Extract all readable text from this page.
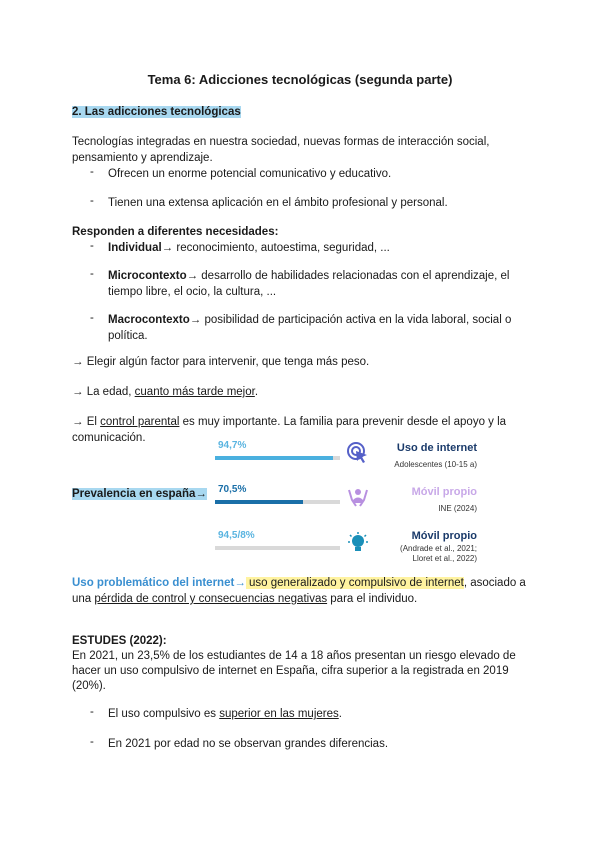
Tema 6: Adicciones tecnológicas (segunda parte)
2. Las adicciones tecnológicas
Tecnologías integradas en nuestra sociedad, nuevas formas de interacción social,
pensamiento y aprendizaje.
- Ofrecen un enorme potencial comunicativo y educativo.
- Tienen una extensa aplicación en el ámbito profesional y personal.
Responden a diferentes necesidades:
- Individual→ reconocimiento, autoestima, seguridad, ...
- Microcontexto→ desarrollo de habilidades relacionadas con el aprendizaje, el
tiempo libre, el ocio, la cultura, ...
- Macrocontexto→ posibilidad de participación activa en la vida laboral, social o
política.
→ Elegir algún factor para intervenir, que tenga más peso.
→ La edad, cuanto más tarde mejor.
→ El control parental es muy importante. La familia para prevenir desde el apoyo y la
comunicación.
Prevalencia en españa→
94,7%	Uso de internet
Adolescentes (10-15 a)
70,5%	Móvil propio
INE (2024)
94,5/8%	Móvil propio
(Andrade et al., 2021;
Lloret et al., 2022)
Uso problemático del internet→ uso generalizado y compulsivo de internet, asociado a
una pérdida de control y consecuencias negativas para el individuo.
ESTUDES (2022):
En 2021, un 23,5% de los estudiantes de 14 a 18 años presentan un riesgo elevado de
hacer un uso compulsivo de internet en España, cifra superior a la registrada en 2019
(20%).
- El uso compulsivo es superior en las mujeres.
- En 2021 por edad no se observan grandes diferencias.
